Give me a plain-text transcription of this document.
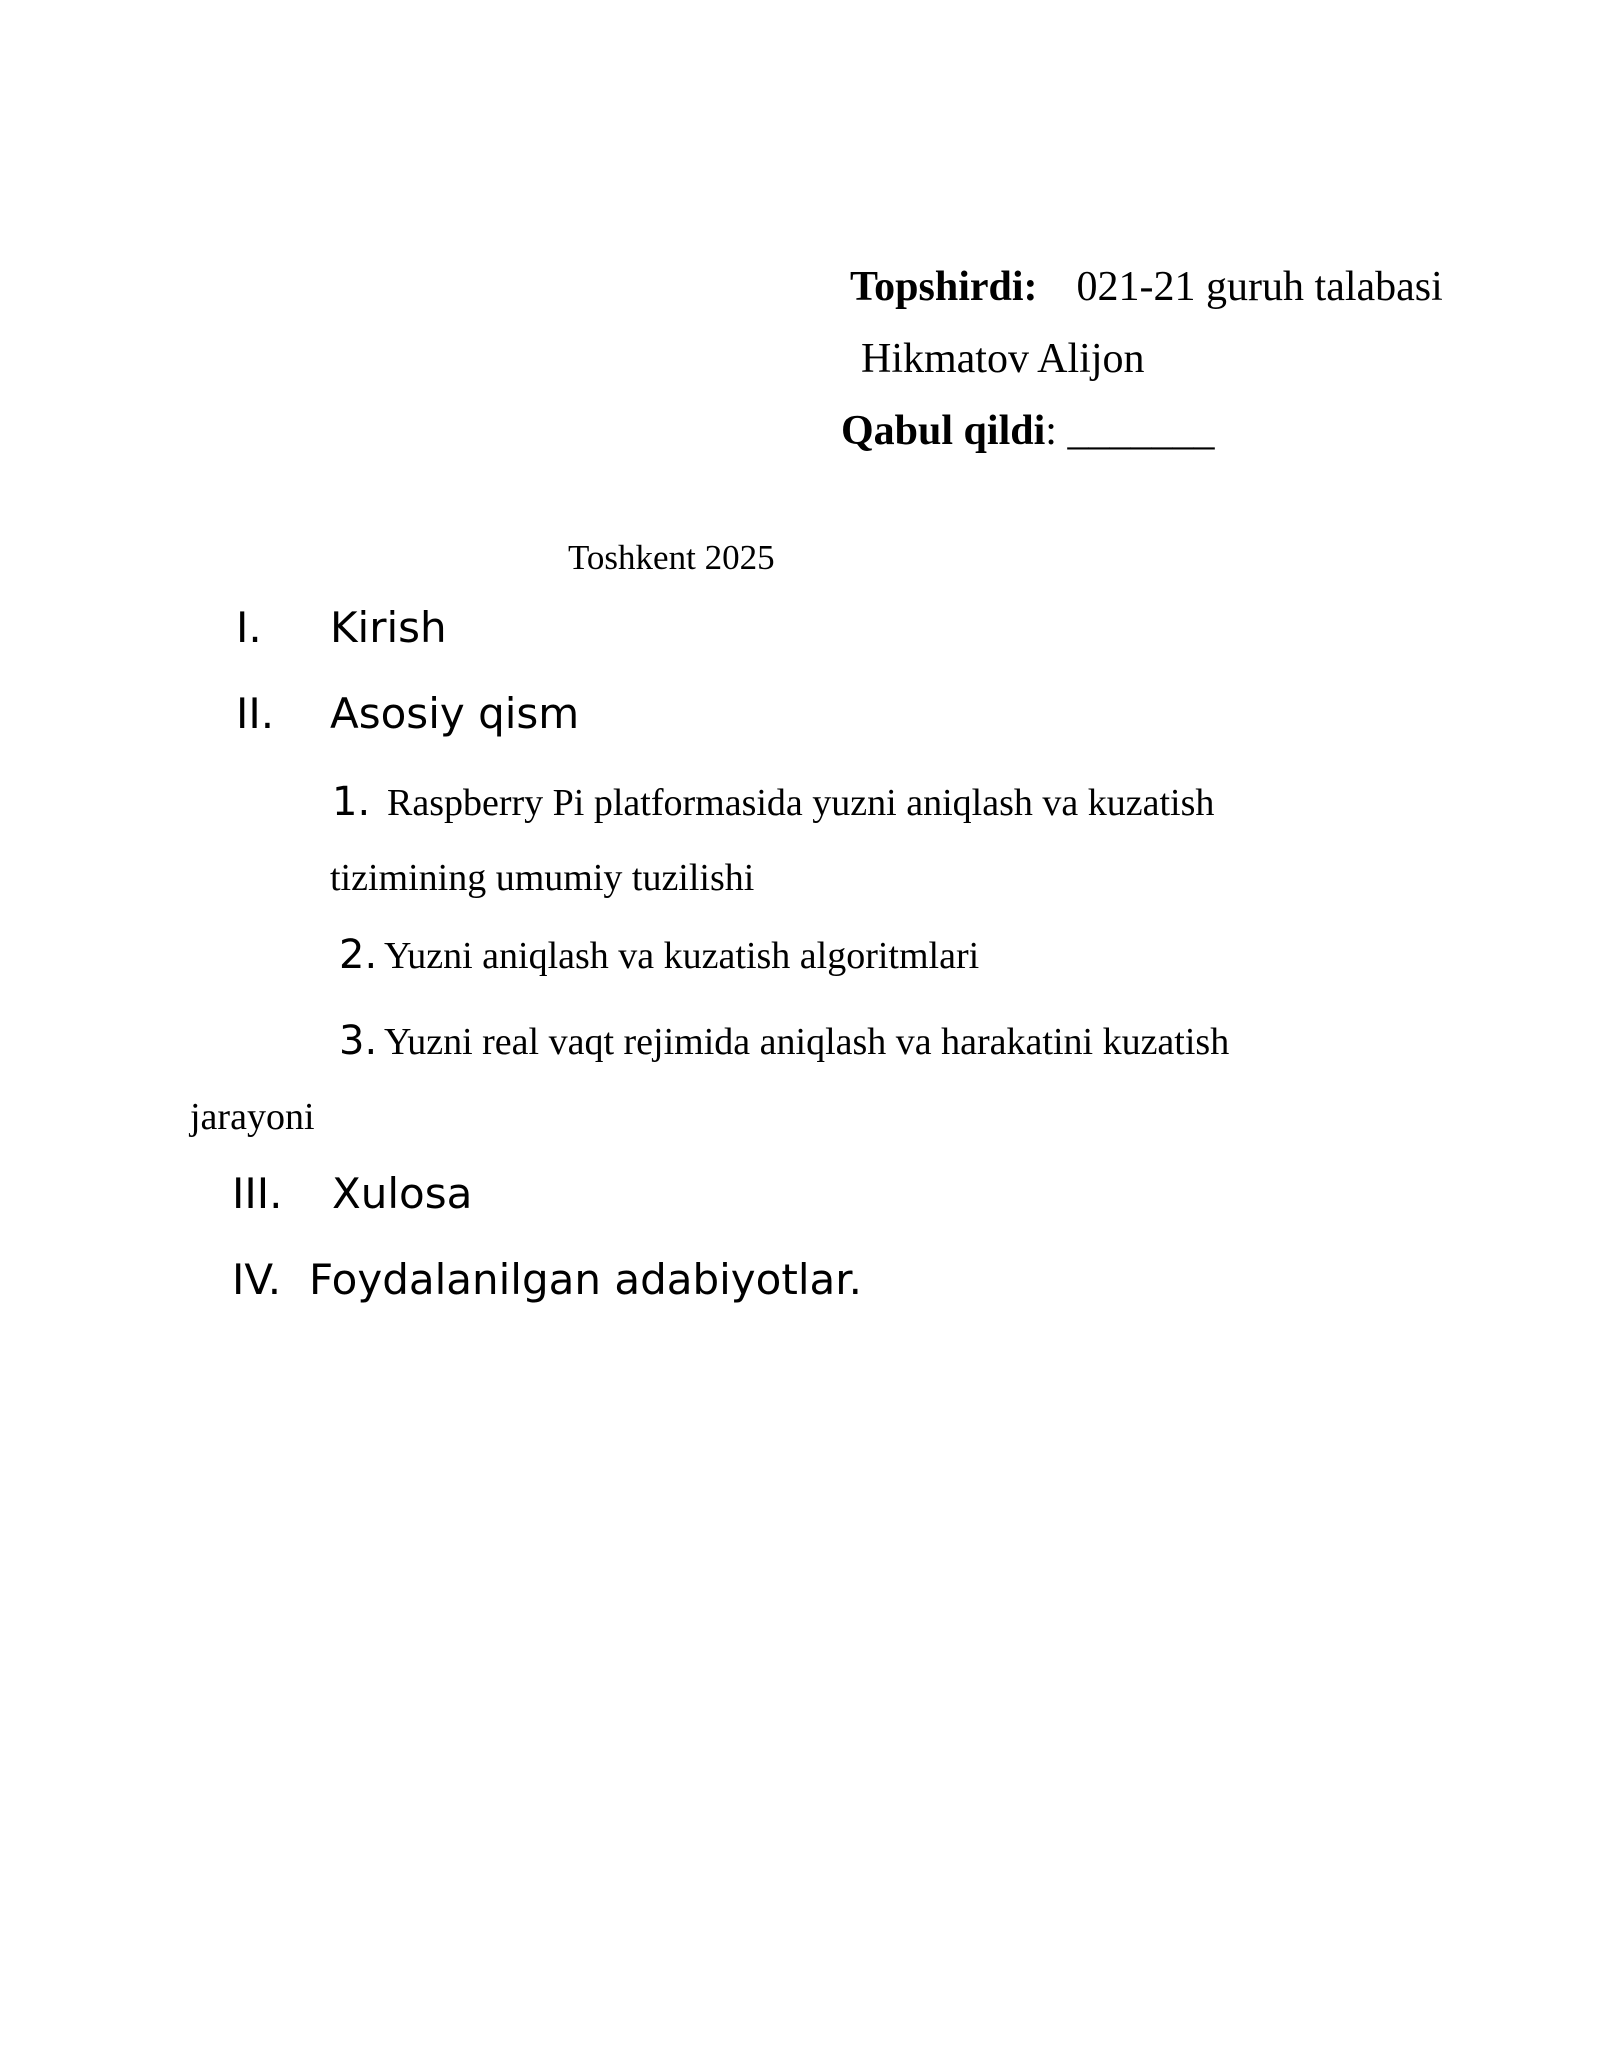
Topshirdi: 021-21 guruh talabasi
Hikmatov Alijon
Qabul qildi: _______
Toshkent 2025
I. Kirish
II. Asosiy qism
1. Raspberry Pi platformasida yuzni aniqlash va kuzatish
tizimining umumiy tuzilishi
2. Yuzni aniqlash va kuzatish algoritmlari
3. Yuzni real vaqt rejimida aniqlash va harakatini kuzatish
jarayoni
III. Xulosa
IV. Foydalanilgan adabiyotlar.
